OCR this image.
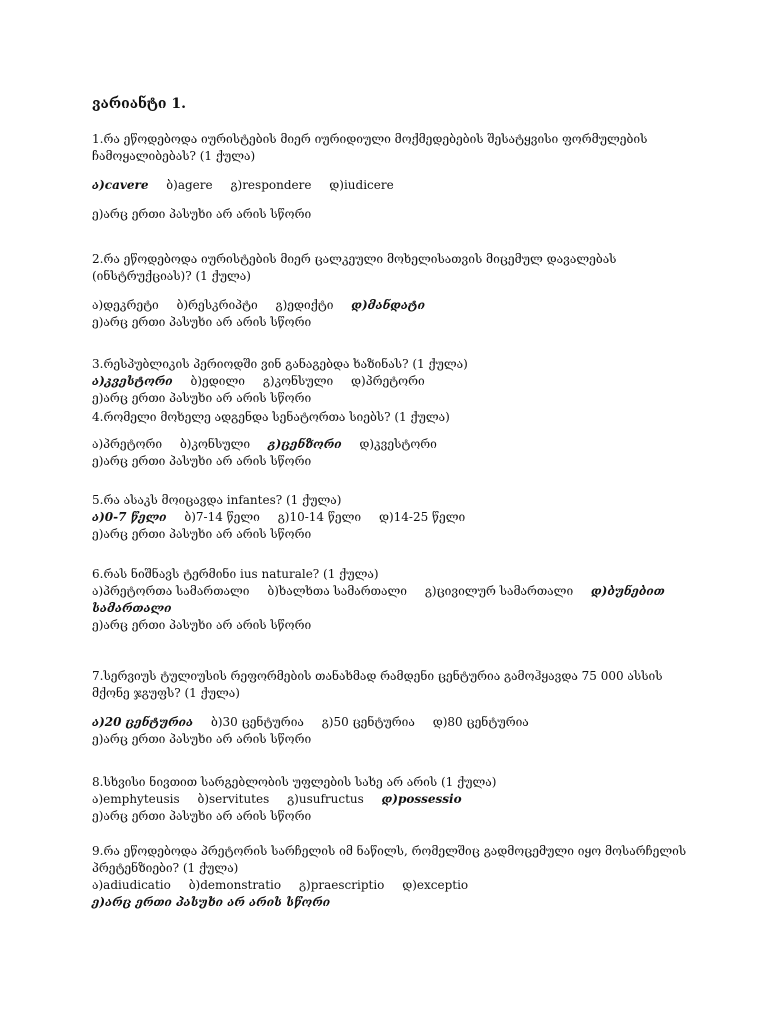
ვარიანტი 1.
1.რა ეწოდებოდა იურისტების მიერ იურიდიული მოქმედებების შესატყვისი ფორმულების ჩამოყალიბებას? (1 ქულა)
ა)cavere ბ)agere გ)respondere დ)iudicere
ე)არც ერთი პასუხი არ არის სწორი
2.რა ეწოდებოდა იურისტების მიერ ცალკეული მოხელისათვის მიცემულ დავალებას (ინსტრუქციას)? (1 ქულა)
ა)დეკრეტი ბ)რესკრიპტი გ)ედიქტი დ)მანდატი
ე)არც ერთი პასუხი არ არის სწორი
3.რესპუბლიკის პერიოდში ვინ განაგებდა ხაზინას? (1 ქულა)
ა)კვესტორი ბ)ედილი გ)კონსული დ)პრეტორი
ე)არც ერთი პასუხი არ არის სწორი
4.რომელი მოხელე ადგენდა სენატორთა სიებს? (1 ქულა)
ა)პრეტორი ბ)კონსული გ)ცენზორი დ)კვესტორი
ე)არც ერთი პასუხი არ არის სწორი
5.რა ასაკს მოიცავდა infantes? (1 ქულა)
ა)0-7 წელი ბ)7-14 წელი გ)10-14 წელი დ)14-25 წელი
ე)არც ერთი პასუხი არ არის სწორი
6.რას ნიშნავს ტერმინი ius naturale? (1 ქულა)
ა)პრეტორთა სამართალი ბ)ხალხთა სამართალი გ)ცივილურ სამართალი დ)ბუნებით სამართალი
ე)არც ერთი პასუხი არ არის სწორი
7.სერვიუს ტულიუსის რეფორმების თანახმად რამდენი ცენტურია გამოჰყავდა 75 000 ასსის მქონე ჯგუფს? (1 ქულა)
ა)20 ცენტურია ბ)30 ცენტურია გ)50 ცენტურია დ)80 ცენტურია
ე)არც ერთი პასუხი არ არის სწორი
8.სხვისი ნივთით სარგებლობის უფლების სახე არ არის (1 ქულა)
ა)emphyteusis ბ)servitutes გ)usufructus დ)possessio
ე)არც ერთი პასუხი არ არის სწორი
9.რა ეწოდებოდა პრეტორის სარჩელის იმ ნაწილს, რომელშიც გადმოცემული იყო მოსარჩელის პრეტენზიები? (1 ქულა)
ა)adiudicatio ბ)demonstratio გ)praescriptio დ)exceptio
ე)არც ერთი პასუხი არ არის სწორი
